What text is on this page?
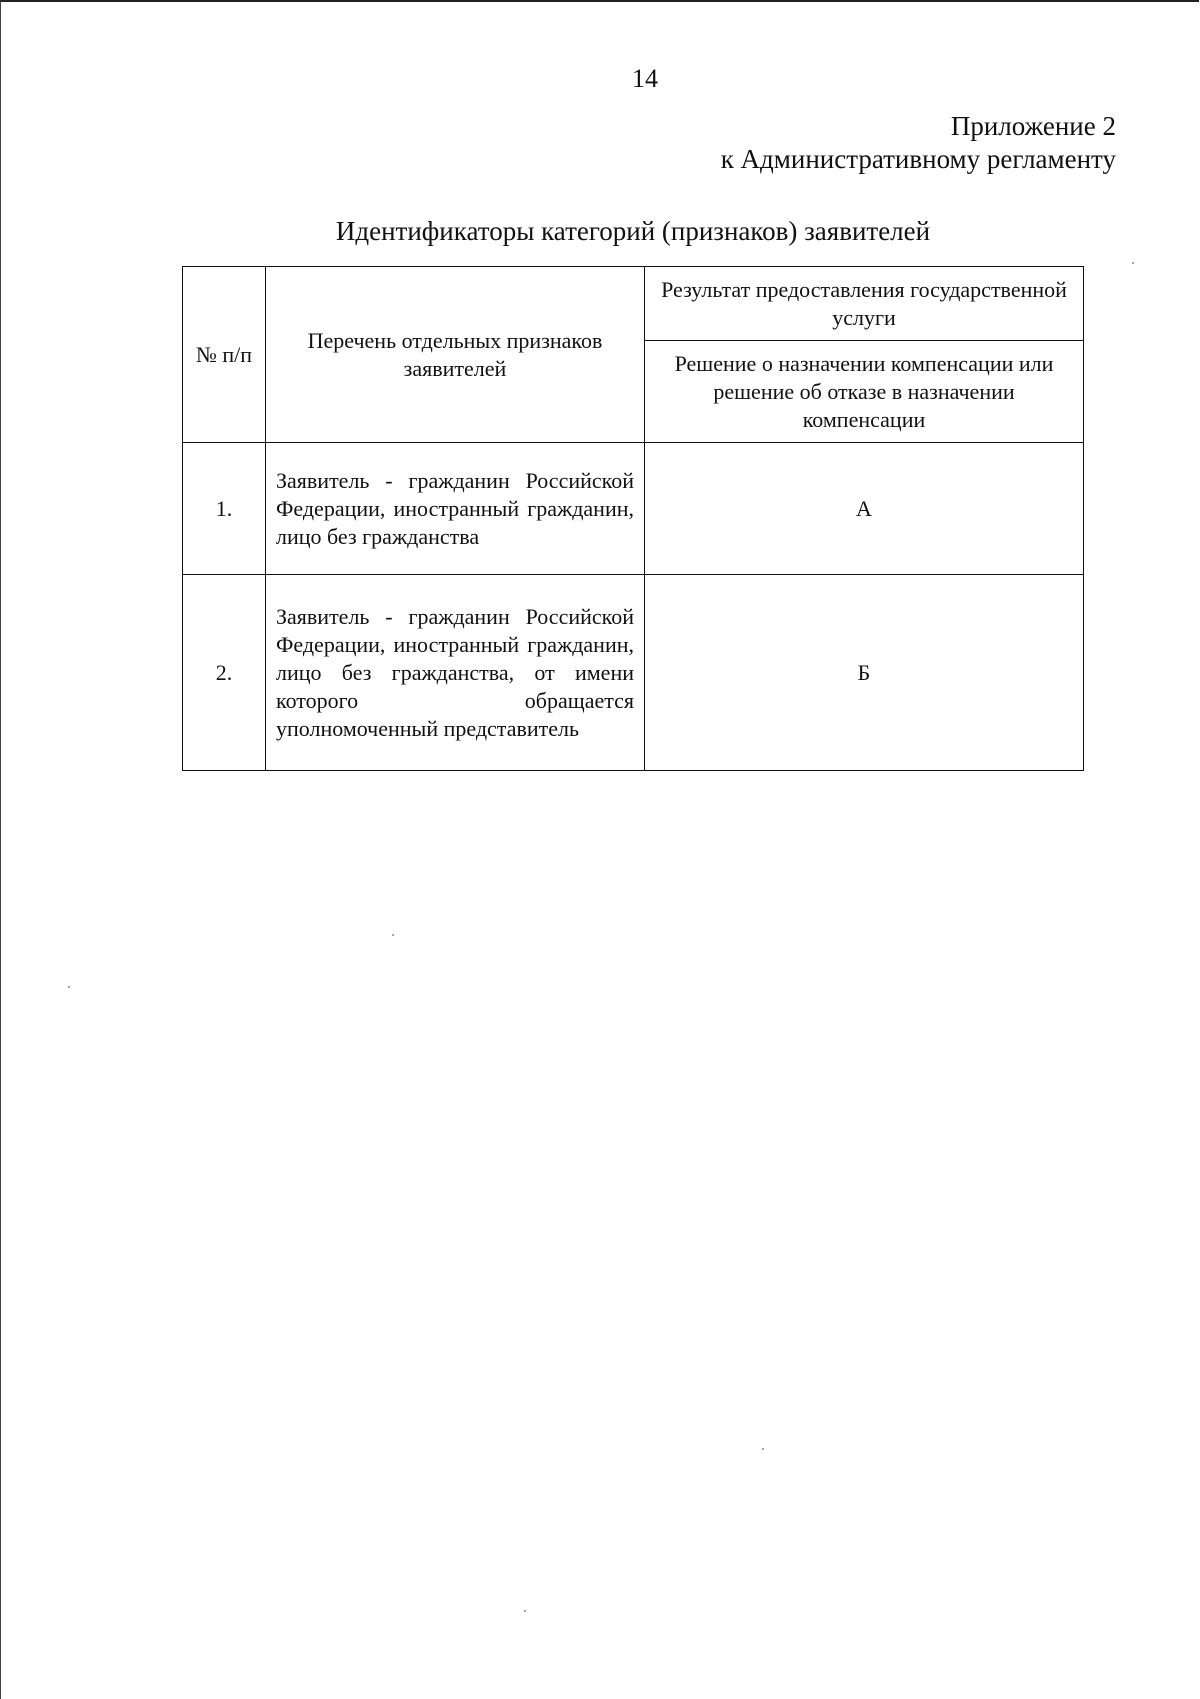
14
Приложение 2
к Административному регламенту
Идентификаторы категорий (признаков) заявителей
№ п/п	Перечень отдельных признаков заявителей	Результат предоставления государственной услуги
		Решение о назначении компенсации или решение об отказе в назначении компенсации
1.	Заявитель - гражданин Российской Федерации, иностранный гражданин, лицо без гражданства	А
2.	Заявитель - гражданин Российской Федерации, иностранный гражданин, лицо без гражданства, от имени которого обращается уполномоченный представитель	Б
